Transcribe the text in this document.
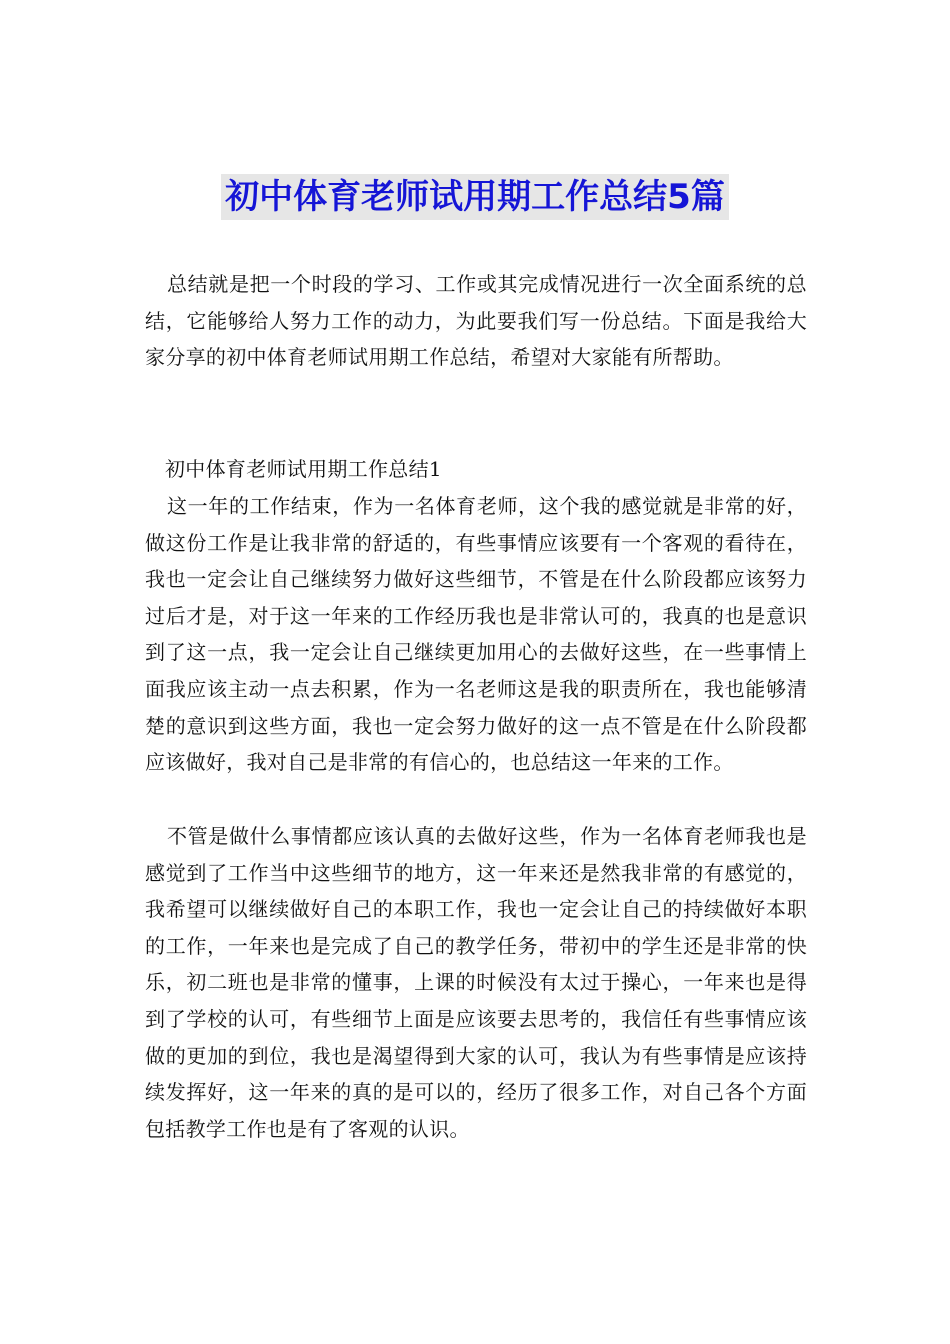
初中体育老师试用期工作总结5篇

总结就是把一个时段的学习、工作或其完成情况进行一次全面系统的总结，它能够给人努力工作的动力，为此要我们写一份总结。下面是我给大家分享的初中体育老师试用期工作总结，希望对大家能有所帮助。

初中体育老师试用期工作总结1

这一年的工作结束，作为一名体育老师，这个我的感觉就是非常的好，做这份工作是让我非常的舒适的，有些事情应该要有一个客观的看待在，我也一定会让自己继续努力做好这些细节，不管是在什么阶段都应该努力过后才是，对于这一年来的工作经历我也是非常认可的，我真的也是意识到了这一点，我一定会让自己继续更加用心的去做好这些，在一些事情上面我应该主动一点去积累，作为一名老师这是我的职责所在，我也能够清楚的意识到这些方面，我也一定会努力做好的这一点不管是在什么阶段都应该做好，我对自己是非常的有信心的，也总结这一年来的工作。

不管是做什么事情都应该认真的去做好这些，作为一名体育老师我也是感觉到了工作当中这些细节的地方，这一年来还是然我非常的有感觉的，我希望可以继续做好自己的本职工作，我也一定会让自己的持续做好本职的工作，一年来也是完成了自己的教学任务，带初中的学生还是非常的快乐，初二班也是非常的懂事，上课的时候没有太过于操心，一年来也是得到了学校的认可，有些细节上面是应该要去思考的，我信任有些事情应该做的更加的到位，我也是渴望得到大家的认可，我认为有些事情是应该持续发挥好，这一年来的真的是可以的，经历了很多工作，对自己各个方面包括教学工作也是有了客观的认识。
